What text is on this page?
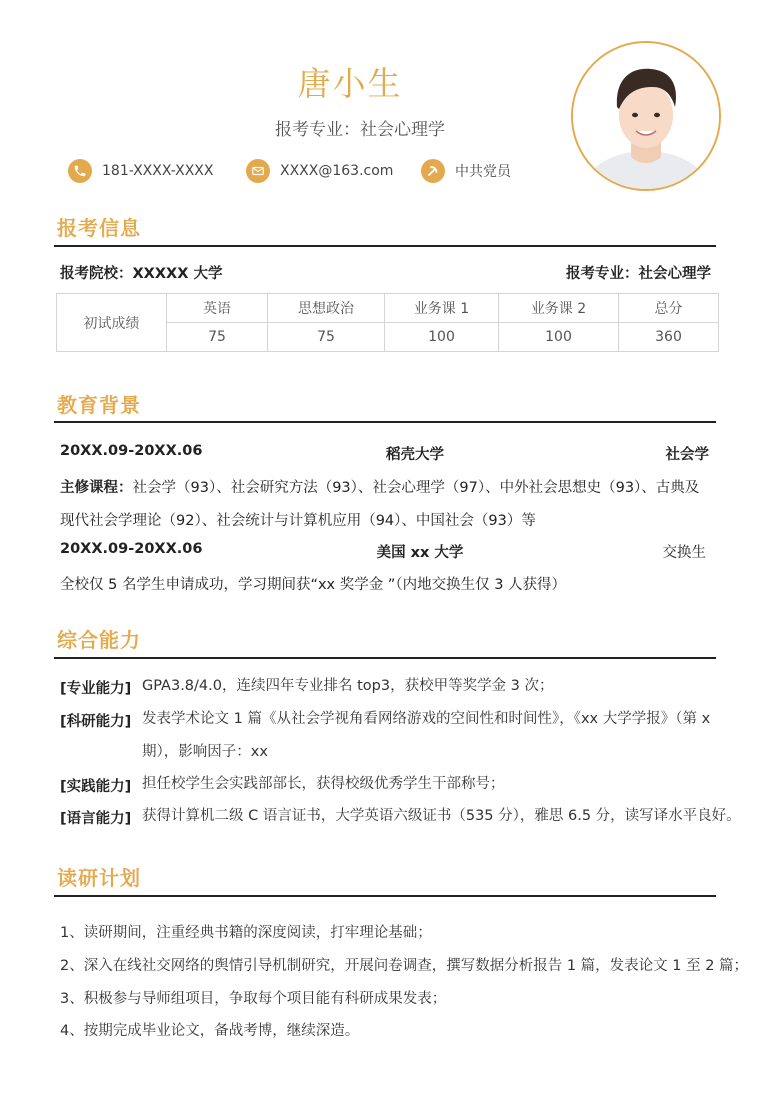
唐小生
报考专业：社会心理学
181-XXXX-XXXX	XXXX@163.com	中共党员
报考信息
报考院校：XXXXX 大学	报考专业：社会心理学
初试成绩	英语	思想政治	业务课 1	业务课 2	总分
	75	75	100	100	360
教育背景
20XX.09-20XX.06	稻壳大学	社会学
主修课程：社会学（93）、社会研究方法（93）、社会心理学（97）、中外社会思想史（93）、古典及
现代社会学理论（92）、社会统计与计算机应用（94）、中国社会（93）等
20XX.09-20XX.06	美国 xx 大学	交换生
全校仅 5 名学生申请成功，学习期间获“xx 奖学金 ”（内地交换生仅 3 人获得）
综合能力
[专业能力] GPA3.8/4.0，连续四年专业排名 top3，获校甲等奖学金 3 次；
[科研能力] 发表学术论文 1 篇《从社会学视角看网络游戏的空间性和时间性》，《xx 大学学报》（第 x 期），影响因子：xx
[实践能力] 担任校学生会实践部部长，获得校级优秀学生干部称号；
[语言能力] 获得计算机二级 C 语言证书，大学英语六级证书（535 分），雅思 6.5 分，读写译水平良好。
读研计划
1、读研期间，注重经典书籍的深度阅读，打牢理论基础；
2、深入在线社交网络的舆情引导机制研究，开展问卷调查，撰写数据分析报告 1 篇，发表论文 1 至 2 篇；
3、积极参与导师组项目，争取每个项目能有科研成果发表；
4、按期完成毕业论文，备战考博，继续深造。
